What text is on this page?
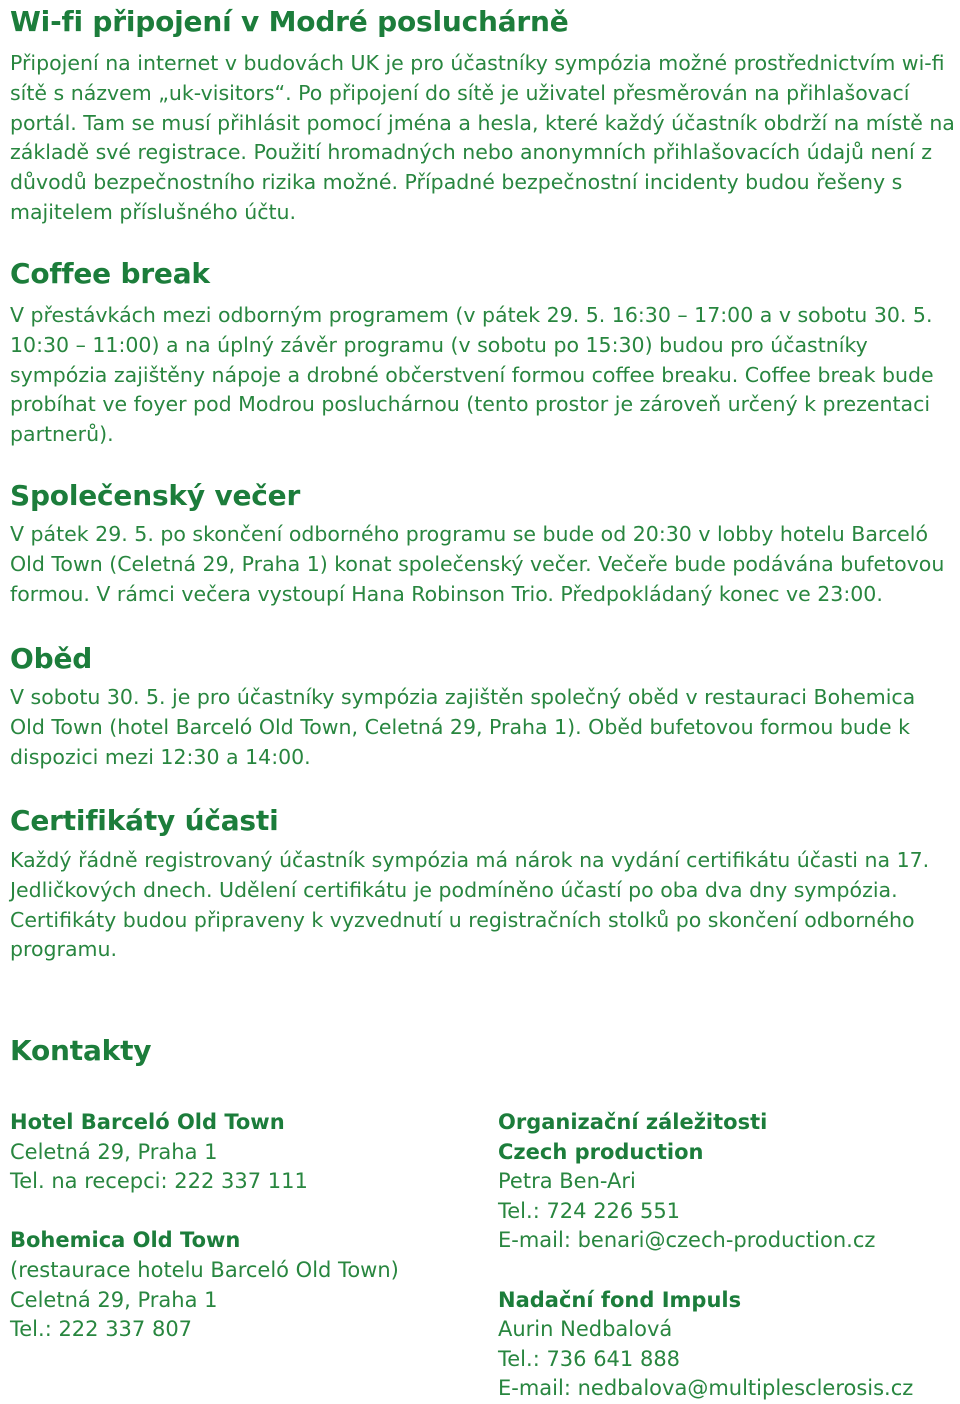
Wi-fi připojení v Modré posluchárně

Připojení na internet v budovách UK je pro účastníky sympózia možné prostřednictvím wi-fi sítě s názvem „uk-visitors“. Po připojení do sítě je uživatel přesměrován na přihlašovací portál. Tam se musí přihlásit pomocí jména a hesla, které každý účastník obdrží na místě na základě své registrace. Použití hromadných nebo anonymních přihlašovacích údajů není z důvodů bezpečnostního rizika možné. Případné bezpečnostní incidenty budou řešeny s majitelem příslušného účtu.

Coffee break

V přestávkách mezi odborným programem (v pátek 29. 5. 16:30 – 17:00 a v sobotu 30. 5. 10:30 – 11:00) a na úplný závěr programu (v sobotu po 15:30) budou pro účastníky sympózia zajištěny nápoje a drobné občerstvení formou coffee breaku. Coffee break bude probíhat ve foyer pod Modrou posluchárnou (tento prostor je zároveň určený k prezentaci partnerů).

Společenský večer

V pátek 29. 5. po skončení odborného programu se bude od 20:30 v lobby hotelu Barceló Old Town (Celetná 29, Praha 1) konat společenský večer. Večeře bude podávána bufetovou formou. V rámci večera vystoupí Hana Robinson Trio. Předpokládaný konec ve 23:00.

Oběd

V sobotu 30. 5. je pro účastníky sympózia zajištěn společný oběd v restauraci Bohemica Old Town (hotel Barceló Old Town, Celetná 29, Praha 1). Oběd bufetovou formou bude k dispozici mezi 12:30 a 14:00.

Certifikáty účasti

Každý řádně registrovaný účastník sympózia má nárok na vydání certifikátu účasti na 17. Jedličkových dnech. Udělení certifikátu je podmíněno účastí po oba dva dny sympózia. Certifikáty budou připraveny k vyzvednutí u registračních stolků po skončení odborného programu.

Kontakty
Hotel Barceló Old Town
Celetná 29, Praha 1
Tel. na recepci: 222 337 111
Bohemica Old Town
(restaurace hotelu Barceló Old Town)
Celetná 29, Praha 1
Tel.: 222 337 807
Organizační záležitosti
Czech production
Petra Ben-Ari
Tel.: 724 226 551
E-mail: benari@czech-production.cz
Nadační fond Impuls
Aurin Nedbalová
Tel.: 736 641 888
E-mail: nedbalova@multiplesclerosis.cz
